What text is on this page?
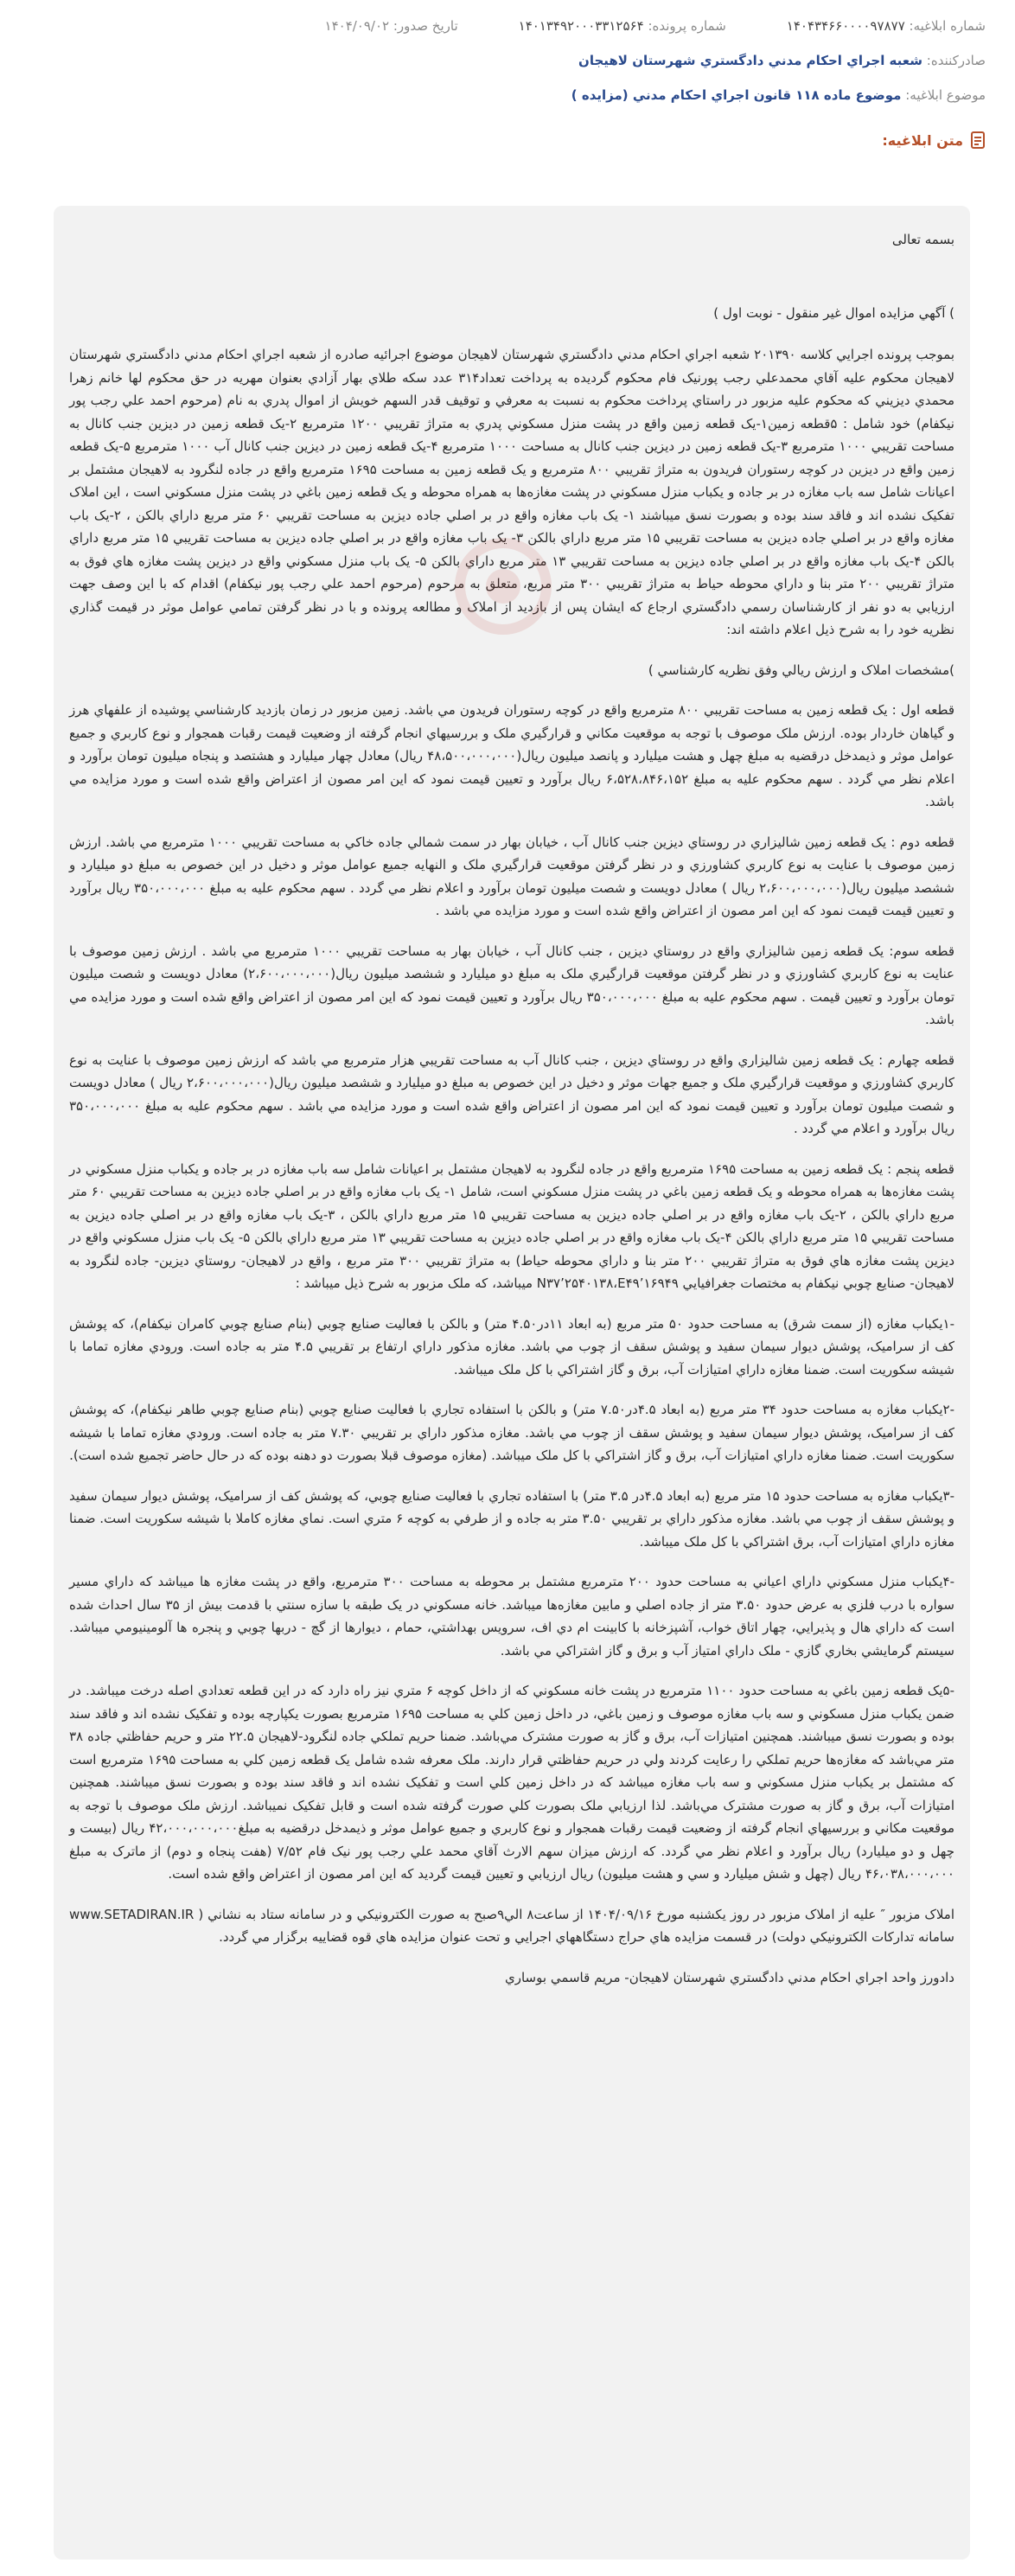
شماره ابلاغیه: ۱۴۰۴۳۴۶۶۰۰۰۰۹۷۸۷۷
شماره پرونده: ۱۴۰۱۳۴۹۲۰۰۰۳۳۱۲۵۶۴
تاریخ صدور: ۱۴۰۴/۰۹/۰۲
صادرکننده: شعبه اجراي احکام مدني دادگستري شهرستان لاهيجان
موضوع ابلاغیه: موضوع ماده ۱۱۸ قانون اجراي احکام مدني (مزايده )
متن ابلاغیه:

بسمه تعالی

) آگهي مزايده اموال غير منقول - نوبت اول )

بموجب پرونده اجرايي کلاسه ۲۰۱۳۹۰ شعبه اجراي احکام مدني دادگستري شهرستان لاهيجان موضوع اجرائيه صادره از شعبه اجراي احکام مدني دادگستري شهرستان لاهيجان محکوم عليه آقاي محمدعلي رجب پورنيک فام محکوم گرديده به پرداخت تعداد۳۱۴ عدد سکه طلاي بهار آزادي بعنوان مهريه در حق محکوم لها خانم زهرا محمدي ديزيني که محکوم عليه مزبور در راستاي پرداخت محکوم به نسبت به معرفي و توقيف قدر السهم خويش از اموال پدري به نام (مرحوم احمد علي رجب پور نيکفام) خود شامل : ۵قطعه زمين۱-يک قطعه زمين واقع در پشت منزل مسکوني پدري به متراژ تقريبي ۱۲۰۰ مترمربع ۲-يک قطعه زمين در ديزين جنب کانال به مساحت تقريبي ۱۰۰۰ مترمربع ۳-يک قطعه زمين در ديزين جنب کانال به مساحت ۱۰۰۰ مترمربع ۴-يک قطعه زمين در ديزين جنب کانال آب ۱۰۰۰ مترمربع ۵-يک قطعه زمين واقع در ديزين در کوچه رستوران فريدون به متراژ تقريبي ۸۰۰ مترمربع و يک قطعه زمين به مساحت ۱۶۹۵ مترمربع واقع در جاده لنگرود به لاهيجان مشتمل بر اعيانات شامل سه باب مغازه در بر جاده و يکباب منزل مسکوني در پشت مغازه‌ها به همراه محوطه و يک قطعه زمين باغي در پشت منزل مسکوني است ، اين املاک تفکيک نشده اند و فاقد سند بوده و بصورت نسق ميباشند ۱- يک باب مغازه واقع در بر اصلي جاده ديزين به مساحت تقريبي ۶۰ متر مربع داراي بالکن ، ۲-يک باب مغازه واقع در بر اصلي جاده ديزين به مساحت تقريبي ۱۵ متر مربع داراي بالکن ۳- يک باب مغازه واقع در بر اصلي جاده ديزين به مساحت تقريبي ۱۵ متر مربع داراي بالکن ۴-يک باب مغازه واقع در بر اصلي جاده ديزين به مساحت تقريبي ۱۳ متر مربع داراي بالکن ۵- يک باب منزل مسکوني واقع در ديزين پشت مغازه هاي فوق به متراژ تقريبي ۲۰۰ متر بنا و داراي محوطه حياط به متراژ تقريبي ۳۰۰ متر مربع، متعلق به مرحوم (مرحوم احمد علي رجب پور نيکفام) اقدام که با اين وصف جهت ارزيابي به دو نفر از کارشناسان رسمي دادگستري ارجاع که ايشان پس از بازديد از املاک و مطالعه پرونده و با در نظر گرفتن تمامي عوامل موثر در قيمت گذاري نظريه خود را به شرح ذيل اعلام داشته اند:

)مشخصات املاک و ارزش ريالي وفق نظريه کارشناسي )

قطعه اول : يک قطعه زمين به مساحت تقريبي ۸۰۰ مترمربع واقع در کوچه رستوران فريدون مي باشد. زمين مزبور در زمان بازديد کارشناسي پوشيده از علفهاي هرز و گياهان خاردار بوده. ارزش ملک موصوف با توجه به موقعيت مکاني و قرارگيري ملک و بررسيهاي انجام گرفته از وضعيت قيمت رقبات همجوار و نوع کاربري و جميع عوامل موثر و ذيمدخل درقضيه به مبلغ چهل و هشت ميليارد و پانصد ميليون ريال(۴۸،۵۰۰،۰۰۰،۰۰۰ ريال) معادل چهار ميليارد و هشتصد و پنجاه ميليون تومان برآورد و اعلام نظر مي گردد . سهم محکوم عليه به مبلغ ۶،۵۲۸،۸۴۶،۱۵۲ ريال برآورد و تعيين قيمت نمود که اين امر مصون از اعتراض واقع شده است و مورد مزايده مي باشد.

قطعه دوم : يک قطعه زمين شاليزاري در روستاي ديزين جنب کانال آب ، خيابان بهار در سمت شمالي جاده خاکي به مساحت تقريبي ۱۰۰۰ مترمربع مي باشد. ارزش زمين موصوف با عنايت به نوع کاربري کشاورزي و در نظر گرفتن موقعيت قرارگيري ملک و النهايه جميع عوامل موثر و دخيل در اين خصوص به مبلغ دو ميليارد و ششصد ميليون ريال(۲،۶۰۰،۰۰۰،۰۰۰ ريال ) معادل دويست و شصت ميليون تومان برآورد و اعلام نظر مي گردد . سهم محکوم عليه به مبلغ ۳۵۰،۰۰۰،۰۰۰ ريال برآورد و تعيين قيمت قيمت نمود که اين امر مصون از اعتراض واقع شده است و مورد مزايده مي باشد .

قطعه سوم: يک قطعه زمين شاليزاري واقع در روستاي ديزين ، جنب کانال آب ، خيابان بهار به مساحت تقريبي ۱۰۰۰ مترمربع مي باشد . ارزش زمين موصوف با عنايت به نوع کاربري کشاورزي و در نظر گرفتن موقعيت قرارگيري ملک به مبلغ دو ميليارد و ششصد ميليون ريال(۲،۶۰۰،۰۰۰،۰۰۰) معادل دويست و شصت ميليون تومان برآورد و تعيين قيمت . سهم محکوم عليه به مبلغ ۳۵۰،۰۰۰،۰۰۰ ريال برآورد و تعيين قيمت نمود که اين امر مصون از اعتراض واقع شده است و مورد مزايده مي باشد.

قطعه چهارم : يک قطعه زمين شاليزاري واقع در روستاي ديزين ، جنب کانال آب به مساحت تقريبي هزار مترمربع مي باشد که ارزش زمين موصوف با عنايت به نوع کاربري کشاورزي و موقعيت قرارگيري ملک و جميع جهات موثر و دخيل در اين خصوص به مبلغ دو ميليارد و ششصد ميليون ريال(۲،۶۰۰،۰۰۰،۰۰۰ ريال ) معادل دويست و شصت ميليون تومان برآورد و تعيين قيمت نمود که اين امر مصون از اعتراض واقع شده است و مورد مزايده مي باشد . سهم محکوم عليه به مبلغ ۳۵۰،۰۰۰،۰۰۰ ريال برآورد و اعلام مي گردد .

قطعه پنجم : يک قطعه زمين به مساحت ۱۶۹۵ مترمربع واقع در جاده لنگرود به لاهيجان مشتمل بر اعيانات شامل سه باب مغازه در بر جاده و يکباب منزل مسکوني در پشت مغازه‌ها به همراه محوطه و يک قطعه زمين باغي در پشت منزل مسکوني است، شامل ۱- يک باب مغازه واقع در بر اصلي جاده ديزين به مساحت تقريبي ۶۰ متر مربع داراي بالکن ، ۲-يک باب مغازه واقع در بر اصلي جاده ديزين به مساحت تقريبي ۱۵ متر مربع داراي بالکن ، ۳-يک باب مغازه واقع در بر اصلي جاده ديزين به مساحت تقريبي ۱۵ متر مربع داراي بالکن ۴-يک باب مغازه واقع در بر اصلي جاده ديزين به مساحت تقريبي ۱۳ متر مربع داراي بالکن ۵- يک باب منزل مسکوني واقع در ديزين پشت مغازه هاي فوق به متراژ تقريبي ۲۰۰ متر بنا و داراي محوطه حياط) به متراژ تقريبي ۳۰۰ متر مربع ، واقع در لاهيجان- روستاي ديزين- جاده لنگرود به لاهيجان- صنايع چوبي نيکفام به مختصات جغرافيايي N۳۷٬۲۵۴۰۱۳۸،E۴۹٬۱۶۹۴۹ ميباشد، که ملک مزبور به شرح ذيل ميباشد :

-۱يکباب مغازه (از سمت شرق) به مساحت حدود ۵۰ متر مربع (به ابعاد ۱۱در۴.۵۰ متر) و بالکن با فعاليت صنايع چوبي (بنام صنايع چوبي کامران نيکفام)، که پوشش کف از سراميک، پوشش ديوار سيمان سفيد و پوشش سقف از چوب مي باشد. مغازه مذکور داراي ارتفاع بر تقريبي ۴.۵ متر به جاده است. ورودي مغازه تماما با شيشه سکوريت است. ضمنا مغازه داراي امتيازات آب، برق و گاز اشتراکي با کل ملک ميباشد.

-۲يکباب مغازه به مساحت حدود ۳۴ متر مربع (به ابعاد ۴.۵در۷.۵۰ متر) و بالکن با استفاده تجاري با فعاليت صنايع چوبي (بنام صنايع چوبي طاهر نيکفام)، که پوشش کف از سراميک، پوشش ديوار سيمان سفيد و پوشش سقف از چوب مي باشد. مغازه مذکور داراي بر تقريبي ۷.۳۰ متر به جاده است. ورودي مغازه تماما با شيشه سکوريت است. ضمنا مغازه داراي امتيازات آب، برق و گاز اشتراکي با کل ملک ميباشد. (مغازه موصوف قبلا بصورت دو دهنه بوده که در حال حاضر تجميع شده است).

-۳يکباب مغازه به مساحت حدود ۱۵ متر مربع (به ابعاد ۴.۵در ۳.۵ متر) با استفاده تجاري با فعاليت صنايع چوبي، که پوشش کف از سراميک، پوشش ديوار سيمان سفيد و پوشش سقف از چوب مي باشد. مغازه مذکور داراي بر تقريبي ۳.۵۰ متر به جاده و از طرفي به کوچه ۶ متري است. نماي مغازه کاملا با شيشه سکوريت است. ضمنا مغازه داراي امتيازات آب، برق اشتراکي با کل ملک ميباشد.

-۴يکباب منزل مسکوني داراي اعياني به مساحت حدود ۲۰۰ مترمربع مشتمل بر محوطه به مساحت ۳۰۰ مترمربع، واقع در پشت مغازه ها ميباشد که داراي مسير سواره با درب فلزي به عرض حدود ۳.۵۰ متر از جاده اصلي و مابين مغازه‌ها ميباشد. خانه مسکوني در يک طبقه با سازه سنتي با قدمت بيش از ۳۵ سال احداث شده است که داراي هال و پذيرايي، چهار اتاق خواب، آشپزخانه با کابينت ام دي اف، سرويس بهداشتي، حمام ، ديوارها از گچ - دربها چوبي و پنجره ها آلومينيومي ميباشد. سيستم گرمايشي بخاري گازي - ملک داراي امتياز آب و برق و گاز اشتراکي مي باشد.

-۵يک قطعه زمين باغي به مساحت حدود ۱۱۰۰ مترمربع در پشت خانه مسکوني که از داخل کوچه ۶ متري نيز راه دارد که در اين قطعه تعدادي اصله درخت ميباشد. در ضمن يکباب منزل مسکوني و سه باب مغازه موصوف و زمين باغي، در داخل زمين کلي به مساحت ۱۶۹۵ مترمربع بصورت يکپارچه بوده و تفکيک نشده اند و فاقد سند بوده و بصورت نسق ميباشند. همچنين امتيازات آب، برق و گاز به صورت مشترک مي‌باشد. ضمنا حريم تملکي جاده لنگرود-لاهيجان ۲۲.۵ متر و حريم حفاظتي جاده ۳۸ متر مي‌باشد که مغازه‌ها حريم تملکي را رعايت کردند ولي در حريم حفاظتي قرار دارند. ملک معرفه شده شامل يک قطعه زمين کلي به مساحت ۱۶۹۵ مترمربع است که مشتمل بر يکباب منزل مسکوني و سه باب مغازه ميباشد که در داخل زمين کلي است و تفکيک نشده اند و فاقد سند بوده و بصورت نسق ميباشند. همچنين امتيازات آب، برق و گاز به صورت مشترک مي‌باشد. لذا ارزيابي ملک بصورت کلي صورت گرفته شده است و قابل تفکيک نميباشد. ارزش ملک موصوف با توجه به موقعيت مکاني و بررسيهاي انجام گرفته از وضعيت قيمت رقبات همجوار و نوع کاربري و جميع عوامل موثر و ذيمدخل درقضيه به مبلغ۴۲،۰۰۰،۰۰۰،۰۰۰ ريال (بيست و چهل و دو ميليارد) ريال برآورد و اعلام نظر مي گردد. که ارزش ميزان سهم الارث آقاي محمد علي رجب پور نيک فام ۷/۵۲ (هفت پنجاه و دوم) از ماترک به مبلغ ۴۶،۰۳۸،۰۰۰،۰۰۰ ريال (چهل و شش ميليارد و سي و هشت ميليون) ريال ارزيابي و تعيين قيمت گرديد که اين امر مصون از اعتراض واقع شده است.

املاک مزبور ″ عليه از املاک مزبور در روز يکشنبه مورخ ۱۴۰۴/۰۹/۱۶ از ساعت۸ الي۹صبح به صورت الکترونيکي و در سامانه ستاد به نشاني ( www.SETADIRAN.IR سامانه تدارکات الکترونيکي دولت) در قسمت مزايده هاي حراج دستگاههاي اجرايي و تحت عنوان مزايده هاي قوه قضاييه برگزار مي گردد.

دادورز واحد اجراي احکام مدني دادگستري شهرستان لاهيجان- مريم قاسمي بوساري
